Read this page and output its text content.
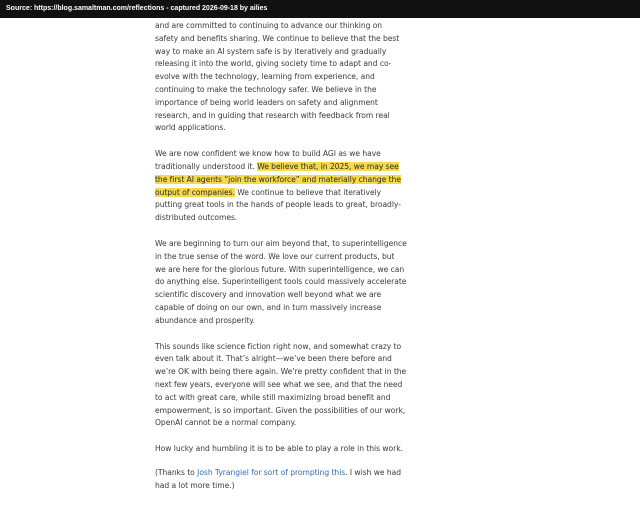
Source: https://blog.samaltman.com/reflections - captured 2026-09-18 by ailies

and are committed to continuing to advance our thinking on safety and benefits sharing. We continue to believe that the best way to make an AI system safe is by iteratively and gradually releasing it into the world, giving society time to adapt and co-evolve with the technology, learning from experience, and continuing to make the technology safer. We believe in the importance of being world leaders on safety and alignment research, and in guiding that research with feedback from real world applications.

We are now confident we know how to build AGI as we have traditionally understood it. We believe that, in 2025, we may see the first AI agents “join the workforce” and materially change the output of companies. We continue to believe that iteratively putting great tools in the hands of people leads to great, broadly-distributed outcomes.

We are beginning to turn our aim beyond that, to superintelligence in the true sense of the word. We love our current products, but we are here for the glorious future. With superintelligence, we can do anything else. Superintelligent tools could massively accelerate scientific discovery and innovation well beyond what we are capable of doing on our own, and in turn massively increase abundance and prosperity.

This sounds like science fiction right now, and somewhat crazy to even talk about it. That’s alright—we’ve been there before and we’re OK with being there again. We’re pretty confident that in the next few years, everyone will see what we see, and that the need to act with great care, while still maximizing broad benefit and empowerment, is so important. Given the possibilities of our work, OpenAI cannot be a normal company.

How lucky and humbling it is to be able to play a role in this work.

(Thanks to Josh Tyrangiel for sort of prompting this. I wish we had had a lot more time.)
